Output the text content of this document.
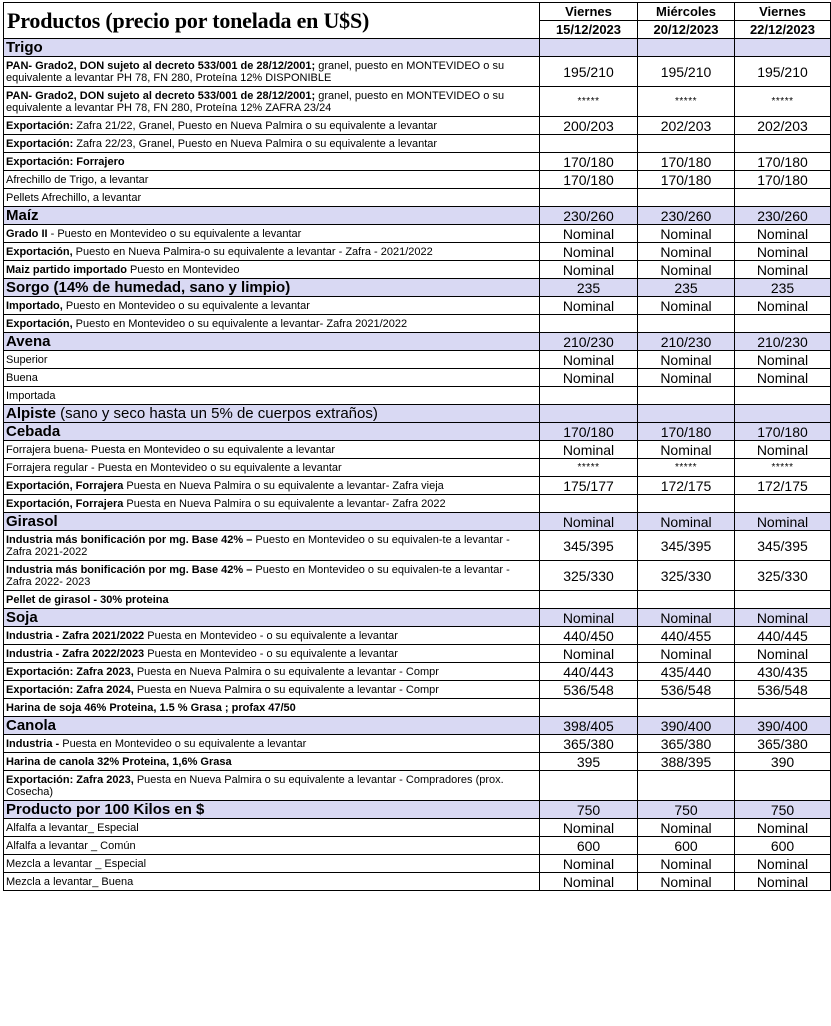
Productos (precio por tonelada en U$S)	Viernes	Miércoles	Viernes
	15/12/2023	20/12/2023	22/12/2023
Trigo			
PAN- Grado2, DON sujeto al decreto 533/001 de 28/12/2001; granel, puesto en MONTEVIDEO o su equivalente a levantar PH 78, FN 280, Proteína 12% DISPONIBLE	195/210	195/210	195/210
PAN- Grado2, DON sujeto al decreto 533/001 de 28/12/2001; granel, puesto en MONTEVIDEO o su equivalente a levantar PH 78, FN 280, Proteína 12% ZAFRA 23/24	*****	*****	*****
Exportación: Zafra 21/22, Granel, Puesto en Nueva Palmira o su equivalente a levantar	200/203	202/203	202/203
Exportación: Zafra 22/23, Granel, Puesto en Nueva Palmira o su equivalente a levantar			
Exportación: Forrajero	170/180	170/180	170/180
Afrechillo de Trigo, a levantar	170/180	170/180	170/180
Pellets Afrechillo, a levantar			
Maíz	230/260	230/260	230/260
Grado II - Puesto en Montevideo o su equivalente a levantar	Nominal	Nominal	Nominal
Exportación, Puesto en Nueva Palmira-o su equivalente a levantar - Zafra - 2021/2022	Nominal	Nominal	Nominal
Maiz partido importado Puesto en Montevideo	Nominal	Nominal	Nominal
Sorgo (14% de humedad, sano y limpio)	235	235	235
Importado, Puesto en Montevideo o su equivalente a levantar	Nominal	Nominal	Nominal
Exportación, Puesto en Montevideo o su equivalente a levantar- Zafra 2021/2022			
Avena	210/230	210/230	210/230
Superior	Nominal	Nominal	Nominal
Buena	Nominal	Nominal	Nominal
Importada			
Alpiste (sano y seco hasta un 5% de cuerpos extraños)			
Cebada	170/180	170/180	170/180
Forrajera buena- Puesta en Montevideo o su equivalente a levantar	Nominal	Nominal	Nominal
Forrajera regular - Puesta en Montevideo o su equivalente a levantar	*****	*****	*****
Exportación, Forrajera Puesta en Nueva Palmira o su equivalente a levantar- Zafra vieja	175/177	172/175	172/175
Exportación, Forrajera Puesta en Nueva Palmira o su equivalente a levantar- Zafra 2022			
Girasol	Nominal	Nominal	Nominal
Industria más bonificación por mg. Base 42% – Puesto en Montevideo o su equivalen-te a levantar - Zafra 2021-2022	345/395	345/395	345/395
Industria más bonificación por mg. Base 42% – Puesto en Montevideo o su equivalen-te a levantar - Zafra 2022- 2023	325/330	325/330	325/330
Pellet de girasol - 30% proteina			
Soja	Nominal	Nominal	Nominal
Industria - Zafra 2021/2022 Puesta en Montevideo - o su equivalente a levantar	440/450	440/455	440/445
Industria - Zafra 2022/2023 Puesta en Montevideo - o su equivalente a levantar	Nominal	Nominal	Nominal
Exportación: Zafra 2023, Puesta en Nueva Palmira o su equivalente a levantar - Compr	440/443	435/440	430/435
Exportación: Zafra 2024, Puesta en Nueva Palmira o su equivalente a levantar - Compr	536/548	536/548	536/548
Harina de soja 46% Proteina, 1.5 % Grasa ; profax 47/50			
Canola	398/405	390/400	390/400
Industria - Puesta en Montevideo o su equivalente a levantar	365/380	365/380	365/380
Harina de canola 32% Proteina, 1,6% Grasa	395	388/395	390
Exportación: Zafra 2023, Puesta en Nueva Palmira o su equivalente a levantar - Compradores (prox. Cosecha)			
Producto por 100 Kilos en $	750	750	750
Alfalfa a levantar_ Especial	Nominal	Nominal	Nominal
Alfalfa a levantar _ Común	600	600	600
Mezcla a levantar _ Especial	Nominal	Nominal	Nominal
Mezcla a levantar_ Buena	Nominal	Nominal	Nominal
